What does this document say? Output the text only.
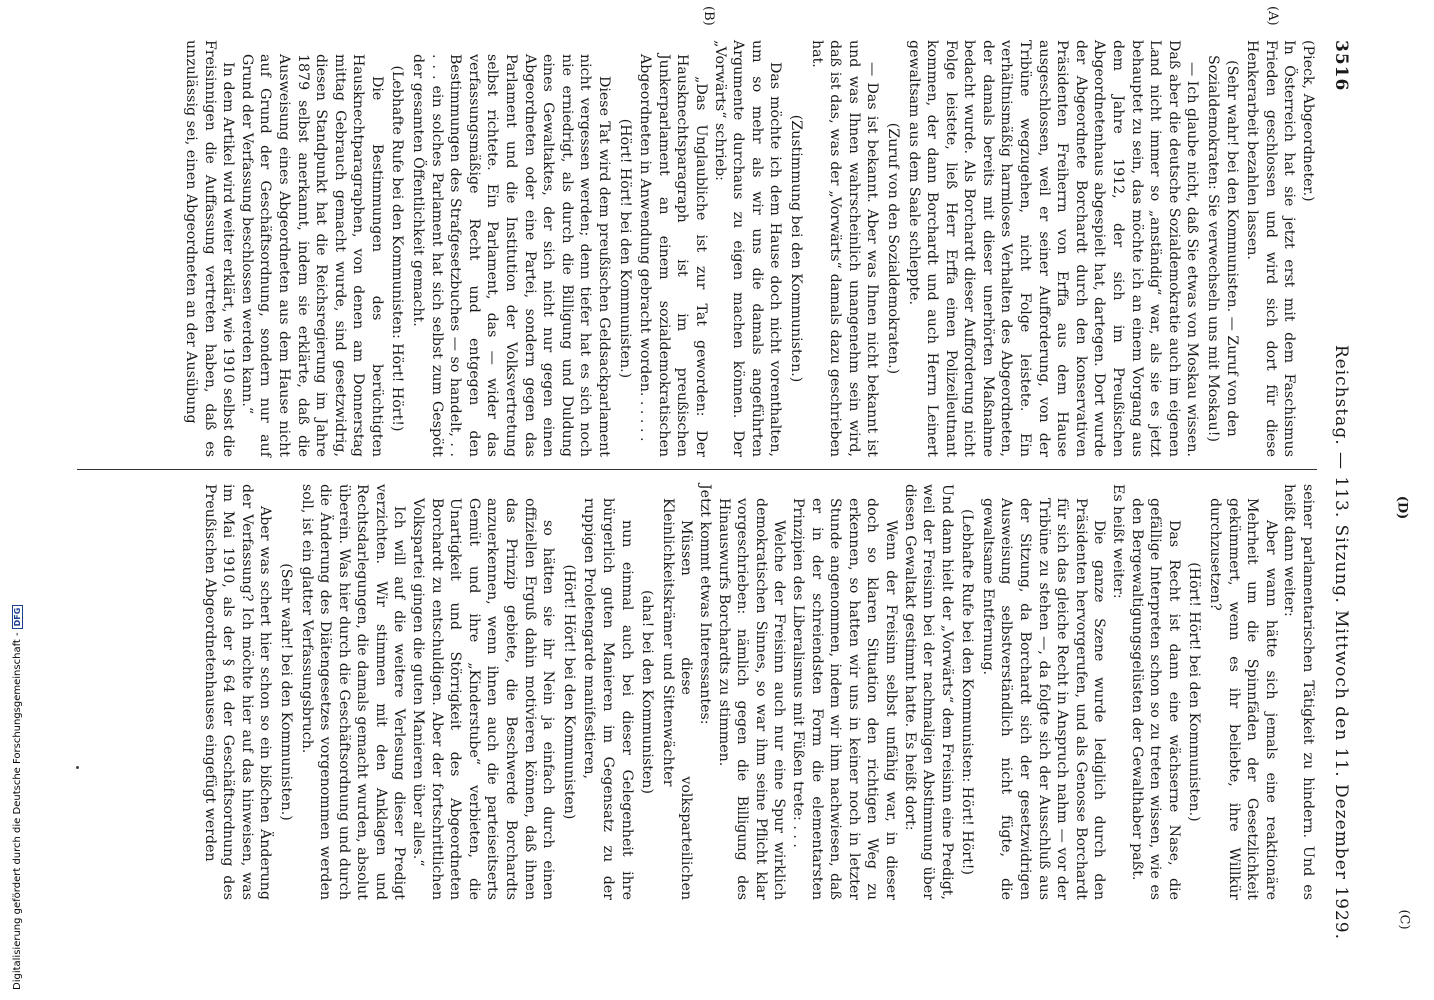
3516
Reichstag. — 113. Sitzung. Mittwoch den 11. Dezember 1929.
(A)
(B)

(Pieck, Abgeordneter.)

In Österreich hat sie jetzt erst mit dem Faschismus Frieden geschlossen und wird sich dort für diese Henkerarbeit bezahlen lassen.

(Sehr wahr! bei den Kommunisten. — Zuruf von den Sozialdemokraten: Sie verwechseln uns mit Moskau!)

— Ich glaube nicht, daß Sie etwas von Moskau wissen. Daß aber die deutsche Sozialdemokratie auch im eigenen Land nicht immer so „anständig“ war, als sie es jetzt behauptet zu sein, das möchte ich an einem Vorgang aus dem Jahre 1912, der sich im Preußischen Abgeordnetenhaus abgespielt hat, dartegen. Dort wurde der Abgeordnete Borchardt durch den konservativen Präsidenten Freiherrn von Erffa aus dem Hause ausgeschlossen, weil er seiner Aufforderung, von der Tribüne wegzugehen, nicht Folge leistete. Ein verhältnismäßig harmloses Verhalten des Abgeordneten, der damals bereits mit dieser unerhörten Maßnahme bedacht wurde. Als Borchardt dieser Aufforderung nicht Folge leistete, ließ Herr Erffa einen Polizeileutnant kommen, der dann Borchardt und auch Herrn Leinert gewaltsam aus dem Saale schleppte.

(Zuruf von den Sozialdemokraten.)

— Das ist bekannt. Aber was Ihnen nicht bekannt ist und was Ihnen wahrscheinlich unangenehm sein wird, daß ist das, was der „Vorwärts“ damals dazu geschrieben hat.

(Zustimmung bei den Kommunisten.)

Das möchte ich dem Hause doch nicht vorenthalten, um so mehr als wir uns die damals angeführten Argumente durchaus zu eigen machen können. Der „Vorwärts“ schrieb:

„Das Unglaubliche ist zur Tat geworden: Der Hausknechtsparagraph ist im preußischen Junkerparlament an einem sozialdemokratischen Abgeordneten in Anwendung gebracht worden. . . . . .

(Hört! Hört! bei den Kommunisten.)

Diese Tat wird dem preußischen Geldsackparlament nicht vergessen werden; denn tiefer hat es sich noch nie erniedrigt, als durch die Billigung und Duldung eines Gewaltaktes, der sich nicht nur gegen einen Abgeordneten oder eine Partei, sondern gegen das Parlament und die Institution der Volksvertretung selbst richtete. Ein Parlament, das — wider das verfassungsmäßige Recht und entgegen den Bestimmungen des Strafgesetzbuches — so handelt, . . . . . ein solches Parlament hat sich selbst zum Gespött der gesamten Öffentlichkeit gemacht.

(Lebhafte Rufe bei den Kommunisten: Hört! Hört!)

Die Bestimmungen des berüchtigten Hausknechtparagraphen, von denen am Donnerstag mittag Gebrauch gemacht wurde, sind gesetzwidrig, diesen Standpunkt hat die Reichsregierung im Jahre 1879 selbst anerkannt, indem sie erklärte, daß die Ausweisung eines Abgeordneten aus dem Hause nicht auf Grund der Geschäftsordnung, sondern nur auf Grund der Verfassung beschlossen werden kann.“

In dem Artikel wird weiter erklärt, wie 1910 selbst die Freisinnigen die Auffassung vertreten haben, daß es unzulässig sei, einen Abgeordneten an der Ausübung

seiner parlamentarischen Tätigkeit zu hindern. Und es heißt dann weiter:

Aber wann hätte sich jemals eine reaktionäre Mehrheit um die Spinnfäden der Gesetzlichkeit gekümmert, wenn es ihr beliebte, ihre Willkür durchzusetzen?

(Hört! Hört! bei den Kommunisten.)

Das Recht ist dann eine wächserne Nase, die gefällige Interpreten schon so zu treten wissen, wie es den Bergewaltigungsgelüsten der Gewalthaber paßt.

Es heißt weiter:

Die ganze Szene wurde lediglich durch den Präsidenten hervorgerufen, und als Genosse Borchardt für sich das gleiche Recht in Anspruch nahm — vor der Tribüne zu stehen —, da folgte sich der Ausschluß aus der Sitzung, da Borchardt sich der gesetzwidrigen Ausweisung selbstverständlich nicht fügte, die gewaltsame Entfernung.

(Lebhafte Rufe bei den Kommunisten: Hört! Hört!)

Und dann hielt der „Vorwärts“ dem Freisinn eine Predigt, weil der Freisinn bei der nachmaligen Abstimmung über diesen Gewaltakt gestimmt hatte. Es heißt dort:

Wenn der Freisinn selbst unfähig war, in dieser doch so klaren Situation den richtigen Weg zu erkennen, so hatten wir uns in keiner noch in letzter Stunde angenommen, indem wir ihm nachwiesen, daß er in der schreiendsten Form die elementarsten Prinzipien des Liberalismus mit Füßen trete: . . .

Welche der Freisinn auch nur eine Spur wirklich demokratischen Sinnes, so war ihm seine Pflicht klar vorgeschrieben: nämlich gegen die Billigung des Hinauswurfs Borchardts zu stimmen.

Jetzt kommt etwas Interessantes:

Müssen diese volksparteilichen Kleinlichkeitskrämer und Sittenwächter

(aha! bei den Kommunisten)

nun einmal auch bei dieser Gelegenheit ihre bürgerlich guten Manieren im Gegensatz zu der ruppigen Proletengarde manifestieren,

(Hört! Hört! bei den Kommunisten)

so hätten sie ihr Nein ja einfach durch einen offiziellen Erguß dahin motivieren können, daß ihnen das Prinzip gebiete, die Beschwerde Borchardts anzuerkennen, wenn ihnen auch die parteiseitserts Gemüt und ihre „Kinderstube“ verbieten, die Unartigkeit und Störrigkeit des Abgeordneten Borchardt zu entschuldigen. Aber der fortschrittlichen Volkspartei gingen die guten Manieren über alles.“

Ich will auf die weitere Verlesung dieser Predigt verzichten. Wir stimmen mit den Anklagen und Rechtsdarlegungen, die damals gemacht wurden, absolut überein. Was hier durch die Geschäftsordnung und durch die Änderung des Diätengesetzes vorgenommen werden soll, ist ein glatter Verfassungsbruch.

(Sehr wahr! bei den Kommunisten.)

Aber was schert hier schon so ein bißchen Änderung der Verfassung? Ich möchte hier auf das hinweisen, was im Mai 1910, als der § 64 der Geschäftsordnung des Preußischen Abgeordnetenhauses eingefügt werden

(C)
(D)
Digitalisierung gefördert durch die Deutsche Forschungsgemeinschaft -DFG
